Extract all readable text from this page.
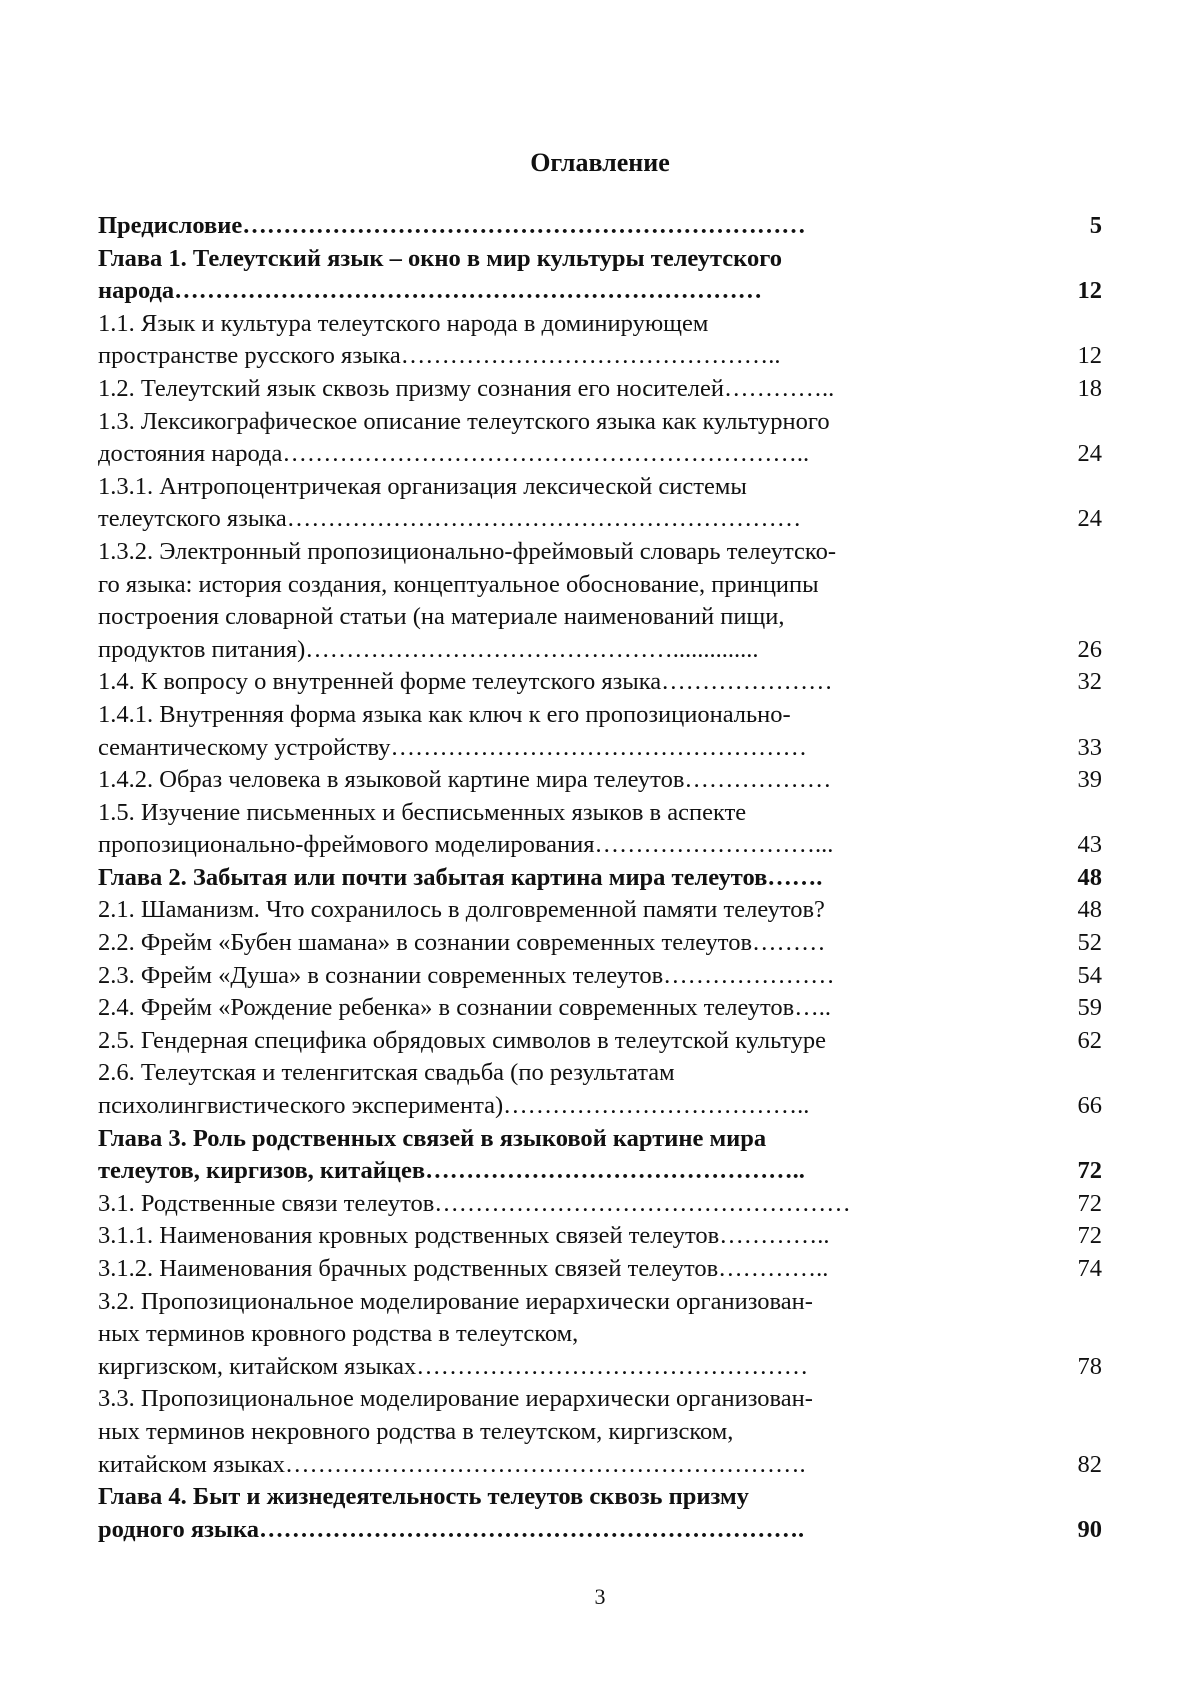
Оглавление
Предисловие……………………………………………………………	5
Глава 1. Телеутский язык – окно в мир культуры телеутского
народа………………………………………………………………	12
1.1. Язык и культура телеутского народа в доминирующем
пространстве русского языка………………………………………..	12
1.2. Телеутский язык сквозь призму сознания его носителей…………..	18
1.3. Лексикографическое описание телеутского языка как культурного
достояния народа………………………………………………………..	24
1.3.1. Антропоцентричекая организация лексической системы
телеутского языка………………………………………………………	24
1.3.2. Электронный пропозиционально-фреймовый словарь телеутско-
го языка: история создания, концептуальное обоснование, принципы
построения словарной статьи (на материале наименований пищи,
продуктов питания)………………………………………..............	26
1.4. К вопросу о внутренней форме телеутского языка…………………	32
1.4.1. Внутренняя форма языка как ключ к его пропозиционально-
семантическому устройству……………………………………………	33
1.4.2. Образ человека в языковой картине мира телеутов………………	39
1.5. Изучение письменных и бесписьменных языков в аспекте
пропозиционально-фреймового моделирования………………………...	43
Глава 2. Забытая или почти забытая картина мира телеутов…….	48
2.1. Шаманизм. Что сохранилось в долговременной памяти телеутов?	48
2.2. Фрейм «Бубен шамана» в сознании современных телеутов………	52
2.3. Фрейм «Душа» в сознании современных телеутов…………………	54
2.4. Фрейм «Рождение ребенка» в сознании современных телеутов…..	59
2.5. Гендерная специфика обрядовых символов в телеутской культуре	62
2.6. Телеутская и теленгитская свадьба (по результатам
психолингвистического эксперимента)………………………………..	66
Глава 3. Роль родственных связей в языковой картине мира
телеутов, киргизов, китайцев………………………………………..	72
3.1. Родственные связи телеутов……………………………………………	72
3.1.1. Наименования кровных родственных связей телеутов…………..	72
3.1.2. Наименования брачных родственных связей телеутов…………..	74
3.2. Пропозициональное моделирование иерархически организован-
ных терминов кровного родства в телеутском,
киргизском, китайском языках…………………………………………	78
3.3. Пропозициональное моделирование иерархически организован-
ных терминов некровного родства в телеутском, киргизском,
китайском языках……………………………………………………….	82
Глава 4. Быт и жизнедеятельность телеутов сквозь призму
родного языка………………………………………………………….	90
3
